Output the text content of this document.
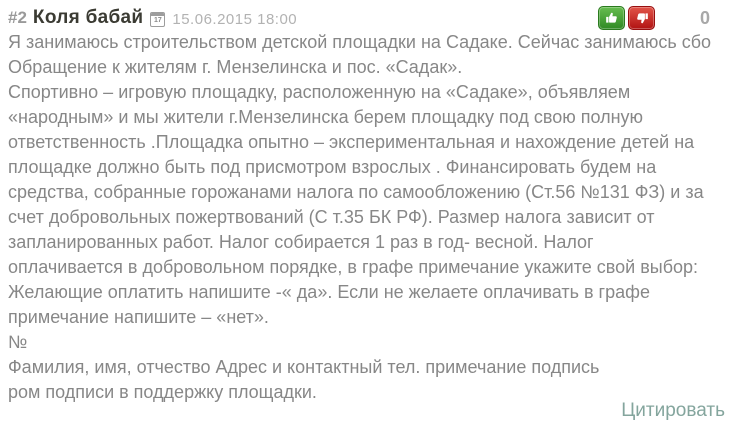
#2 Коля бабай	17 15.06.2015 18:00	0
Я занимаюсь строительством детской площадки на Садаке. Сейчас занимаюсь сбо
Обращение к жителям г. Мензелинска и пос. «Садак».
Спортивно – игровую площадку, расположенную на «Садаке», объявляем
«народным» и мы жители г.Мензелинска берем площадку под свою полную
ответственность .Площадка опытно – экспериментальная и нахождение детей на
площадке должно быть под присмотром взрослых . Финансировать будем на
средства, собранные горожанами налога по самообложению (Ст.56 №131 ФЗ) и за
счет добровольных пожертвований (С т.35 БК РФ). Размер налога зависит от
запланированных работ. Налог собирается 1 раз в год- весной. Налог
оплачивается в добровольном порядке, в графе примечание укажите свой выбор:
Желающие оплатить напишите -« да». Если не желаете оплачивать в графе
примечание напишите – «нет».
№
Фамилия, имя, отчество Адрес и контактный тел. примечание подпись
ром подписи в поддержку площадки.
Цитировать
